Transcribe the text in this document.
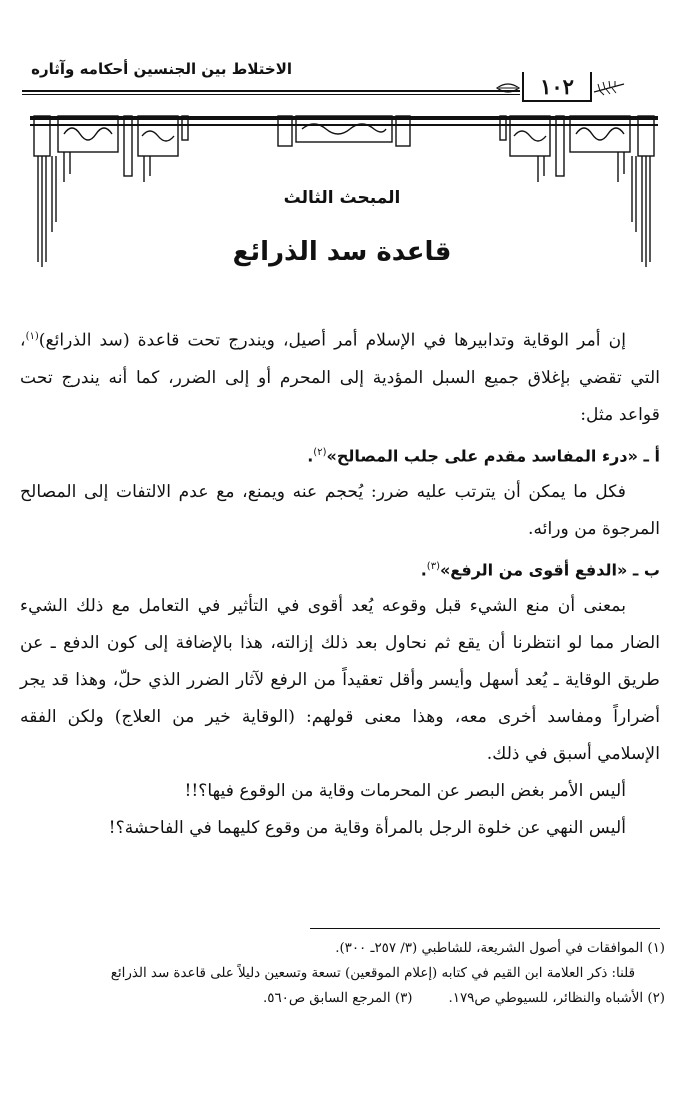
الاختلاط بين الجنسين أحكامه وآثاره
١٠٢
المبحث الثالث
قاعدة سد الذرائع

إن أمر الوقاية وتدابيرها في الإسلام أمر أصيل، ويندرج تحت قاعدة (سد الذرائع)$^{(١)}$، التي تقضي بإغلاق جميع السبل المؤدية إلى المحرم أو إلى الضرر، كما أنه يندرج تحت قواعد مثل:

أ ـ «درء المفاسد مقدم على جلب المصالح»$^{(٢)}$.

فكل ما يمكن أن يترتب عليه ضرر: يُحجم عنه ويمنع، مع عدم الالتفات إلى المصالح المرجوة من ورائه.

ب ـ «الدفع أقوى من الرفع»$^{(٣)}$.

بمعنى أن منع الشيء قبل وقوعه يُعد أقوى في التأثير في التعامل مع ذلك الشيء الضار مما لو انتظرنا أن يقع ثم نحاول بعد ذلك إزالته، هذا بالإضافة إلى كون الدفع ـ عن طريق الوقاية ـ يُعد أسهل وأيسر وأقل تعقيداً من الرفع لآثار الضرر الذي حلّ، وهذا قد يجر أضراراً ومفاسد أخرى معه، وهذا معنى قولهم: (الوقاية خير من العلاج) ولكن الفقه الإسلامي أسبق في ذلك.

أليس الأمر بغض البصر عن المحرمات وقاية من الوقوع فيها؟!!

أليس النهي عن خلوة الرجل بالمرأة وقاية من وقوع كليهما في الفاحشة؟!

(١) الموافقات في أصول الشريعة، للشاطبي (٣/ ٢٥٧ـ ٣٠٠).
قلنا: ذكر العلامة ابن القيم في كتابه (إعلام الموقعين) تسعة وتسعين دليلاً على قاعدة سد الذرائع
(٢) الأشباه والنظائر، للسيوطي ص١٧٩.
(٣) المرجع السابق ص٥٦٠.
